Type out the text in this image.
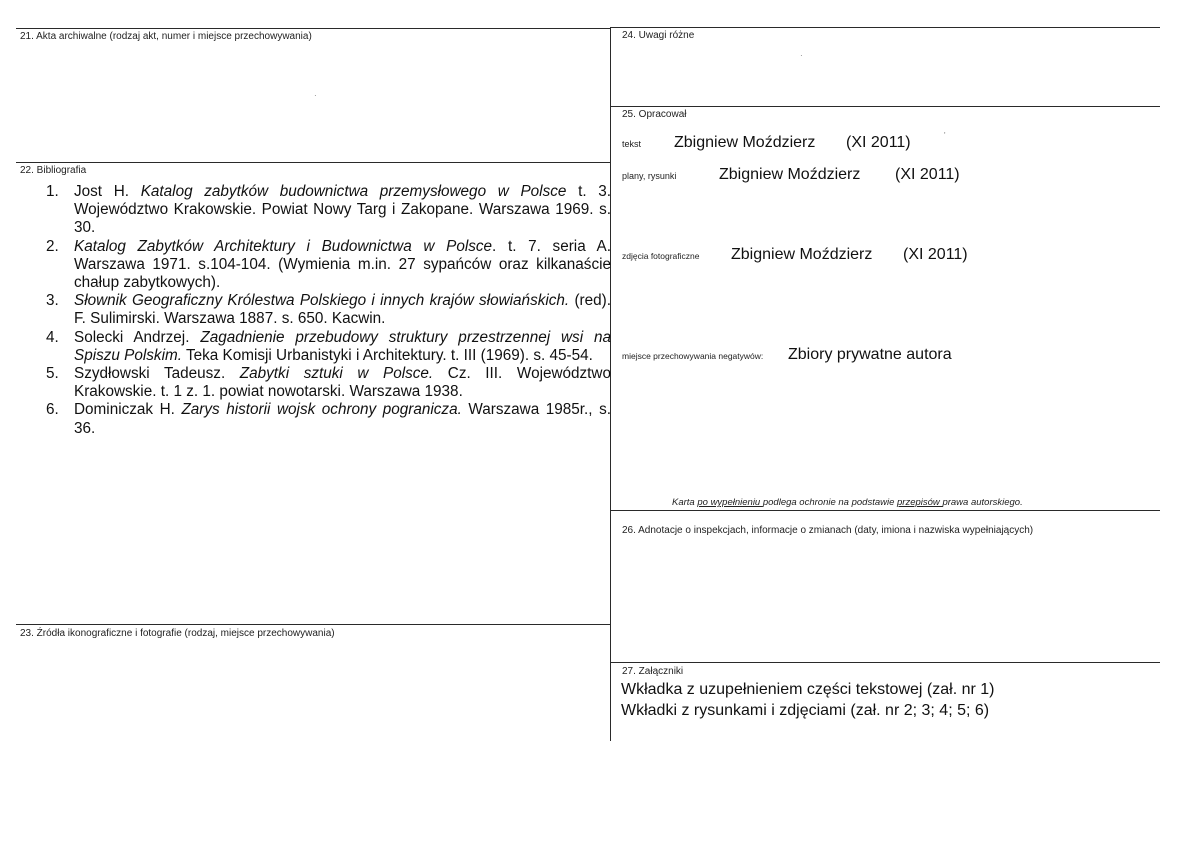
21. Akta archiwalne (rodzaj akt, numer i miejsce przechowywania)
·
22. Bibliografia
1. Jost H. Katalog zabytków budownictwa przemysłowego w Polsce t. 3. Województwo Krakowskie. Powiat Nowy Targ i Zakopane. Warszawa 1969. s. 30.
2. Katalog Zabytków Architektury i Budownictwa w Polsce. t. 7. seria A. Warszawa 1971. s.104-104. (Wymienia m.in. 27 sypańców oraz kilkanaście chałup zabytkowych).
3. Słownik Geograficzny Królestwa Polskiego i innych krajów słowiańskich. (red). F. Sulimirski. Warszawa 1887. s. 650. Kacwin.
4. Solecki Andrzej. Zagadnienie przebudowy struktury przestrzennej wsi na Spiszu Polskim. Teka Komisji Urbanistyki i Architektury. t. III (1969). s. 45-54.
5. Szydłowski Tadeusz. Zabytki sztuki w Polsce. Cz. III. Województwo Krakowskie. t. 1 z. 1. powiat nowotarski. Warszawa 1938.
6. Dominiczak H. Zarys historii wojsk ochrony pogranicza. Warszawa 1985r., s. 36.
23. Źródła ikonograficzne i fotografie (rodzaj, miejsce przechowywania)
24. Uwagi różne
·
25. Opracował
tekst Zbigniew Moździerz (XI 2011)	'
plany, rysunki	Zbigniew Moździerz (XI 2011)
zdjęcia fotograficzne Zbigniew Moździerz (XI 2011)
miejsce przechowywania negatywów: Zbiory prywatne autora
Karta po wypełnieniu podlega ochronie na podstawie przepisów prawa autorskiego.
26. Adnotacje o inspekcjach, informacje o zmianach (daty, imiona i nazwiska wypełniających)
27. Załączniki
Wkładka z uzupełnieniem części tekstowej (zał. nr 1)
Wkładki z rysunkami i zdjęciami (zał. nr 2; 3; 4; 5; 6)
